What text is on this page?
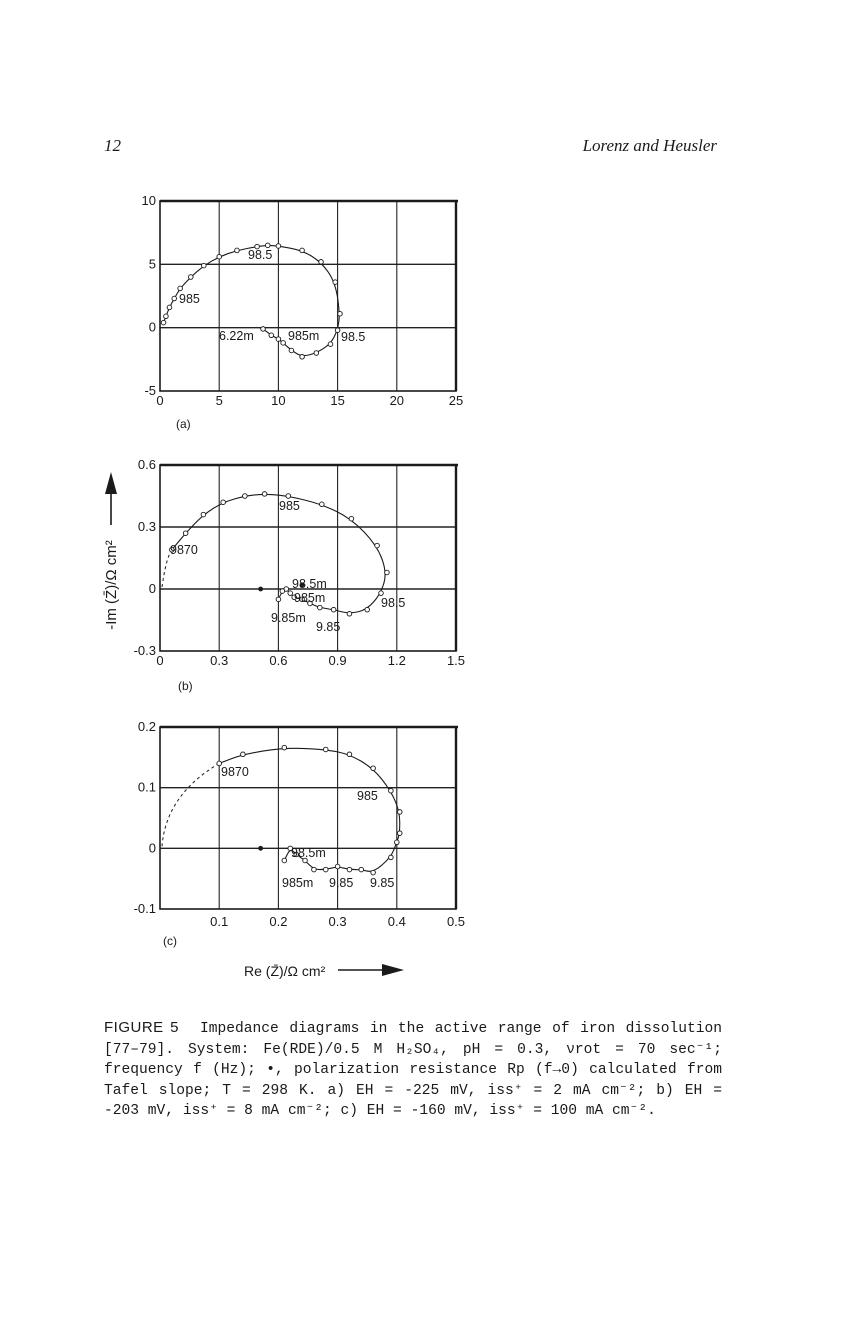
12	Lorenz and Heusler
0	5	10	15	20	25
10
5
0
-5
98.5
985
6.22m	985m 98.5
(a)
0	0.3	0.6	0.9	1.2	1.5
0.6
0.3
0
-0.3
985
9870
98.5m
985m	98.5
9.85m
9.85
(b)
0.1	0.2	0.3	0.4	0.5
0.2
0.1
0
-0.1
9870
985
98.5m
985m 9.85 9.85
(c)
-Im (Z̄)/Ω cm²
Re (Z̄)/Ω cm²
FIGURE 5 Impedance diagrams in the active range of iron dissolution [77–79]. System: Fe(RDE)/0.5 M H₂SO₄, pH = 0.3, νrot = 70 sec⁻¹; frequency f (Hz); •, polarization resistance Rp (f→0) calculated from Tafel slope; T = 298 K. a) EH = -225 mV, iss⁺ = 2 mA cm⁻²; b) EH = -203 mV, iss⁺ = 8 mA cm⁻²; c) EH = -160 mV, iss⁺ = 100 mA cm⁻².
